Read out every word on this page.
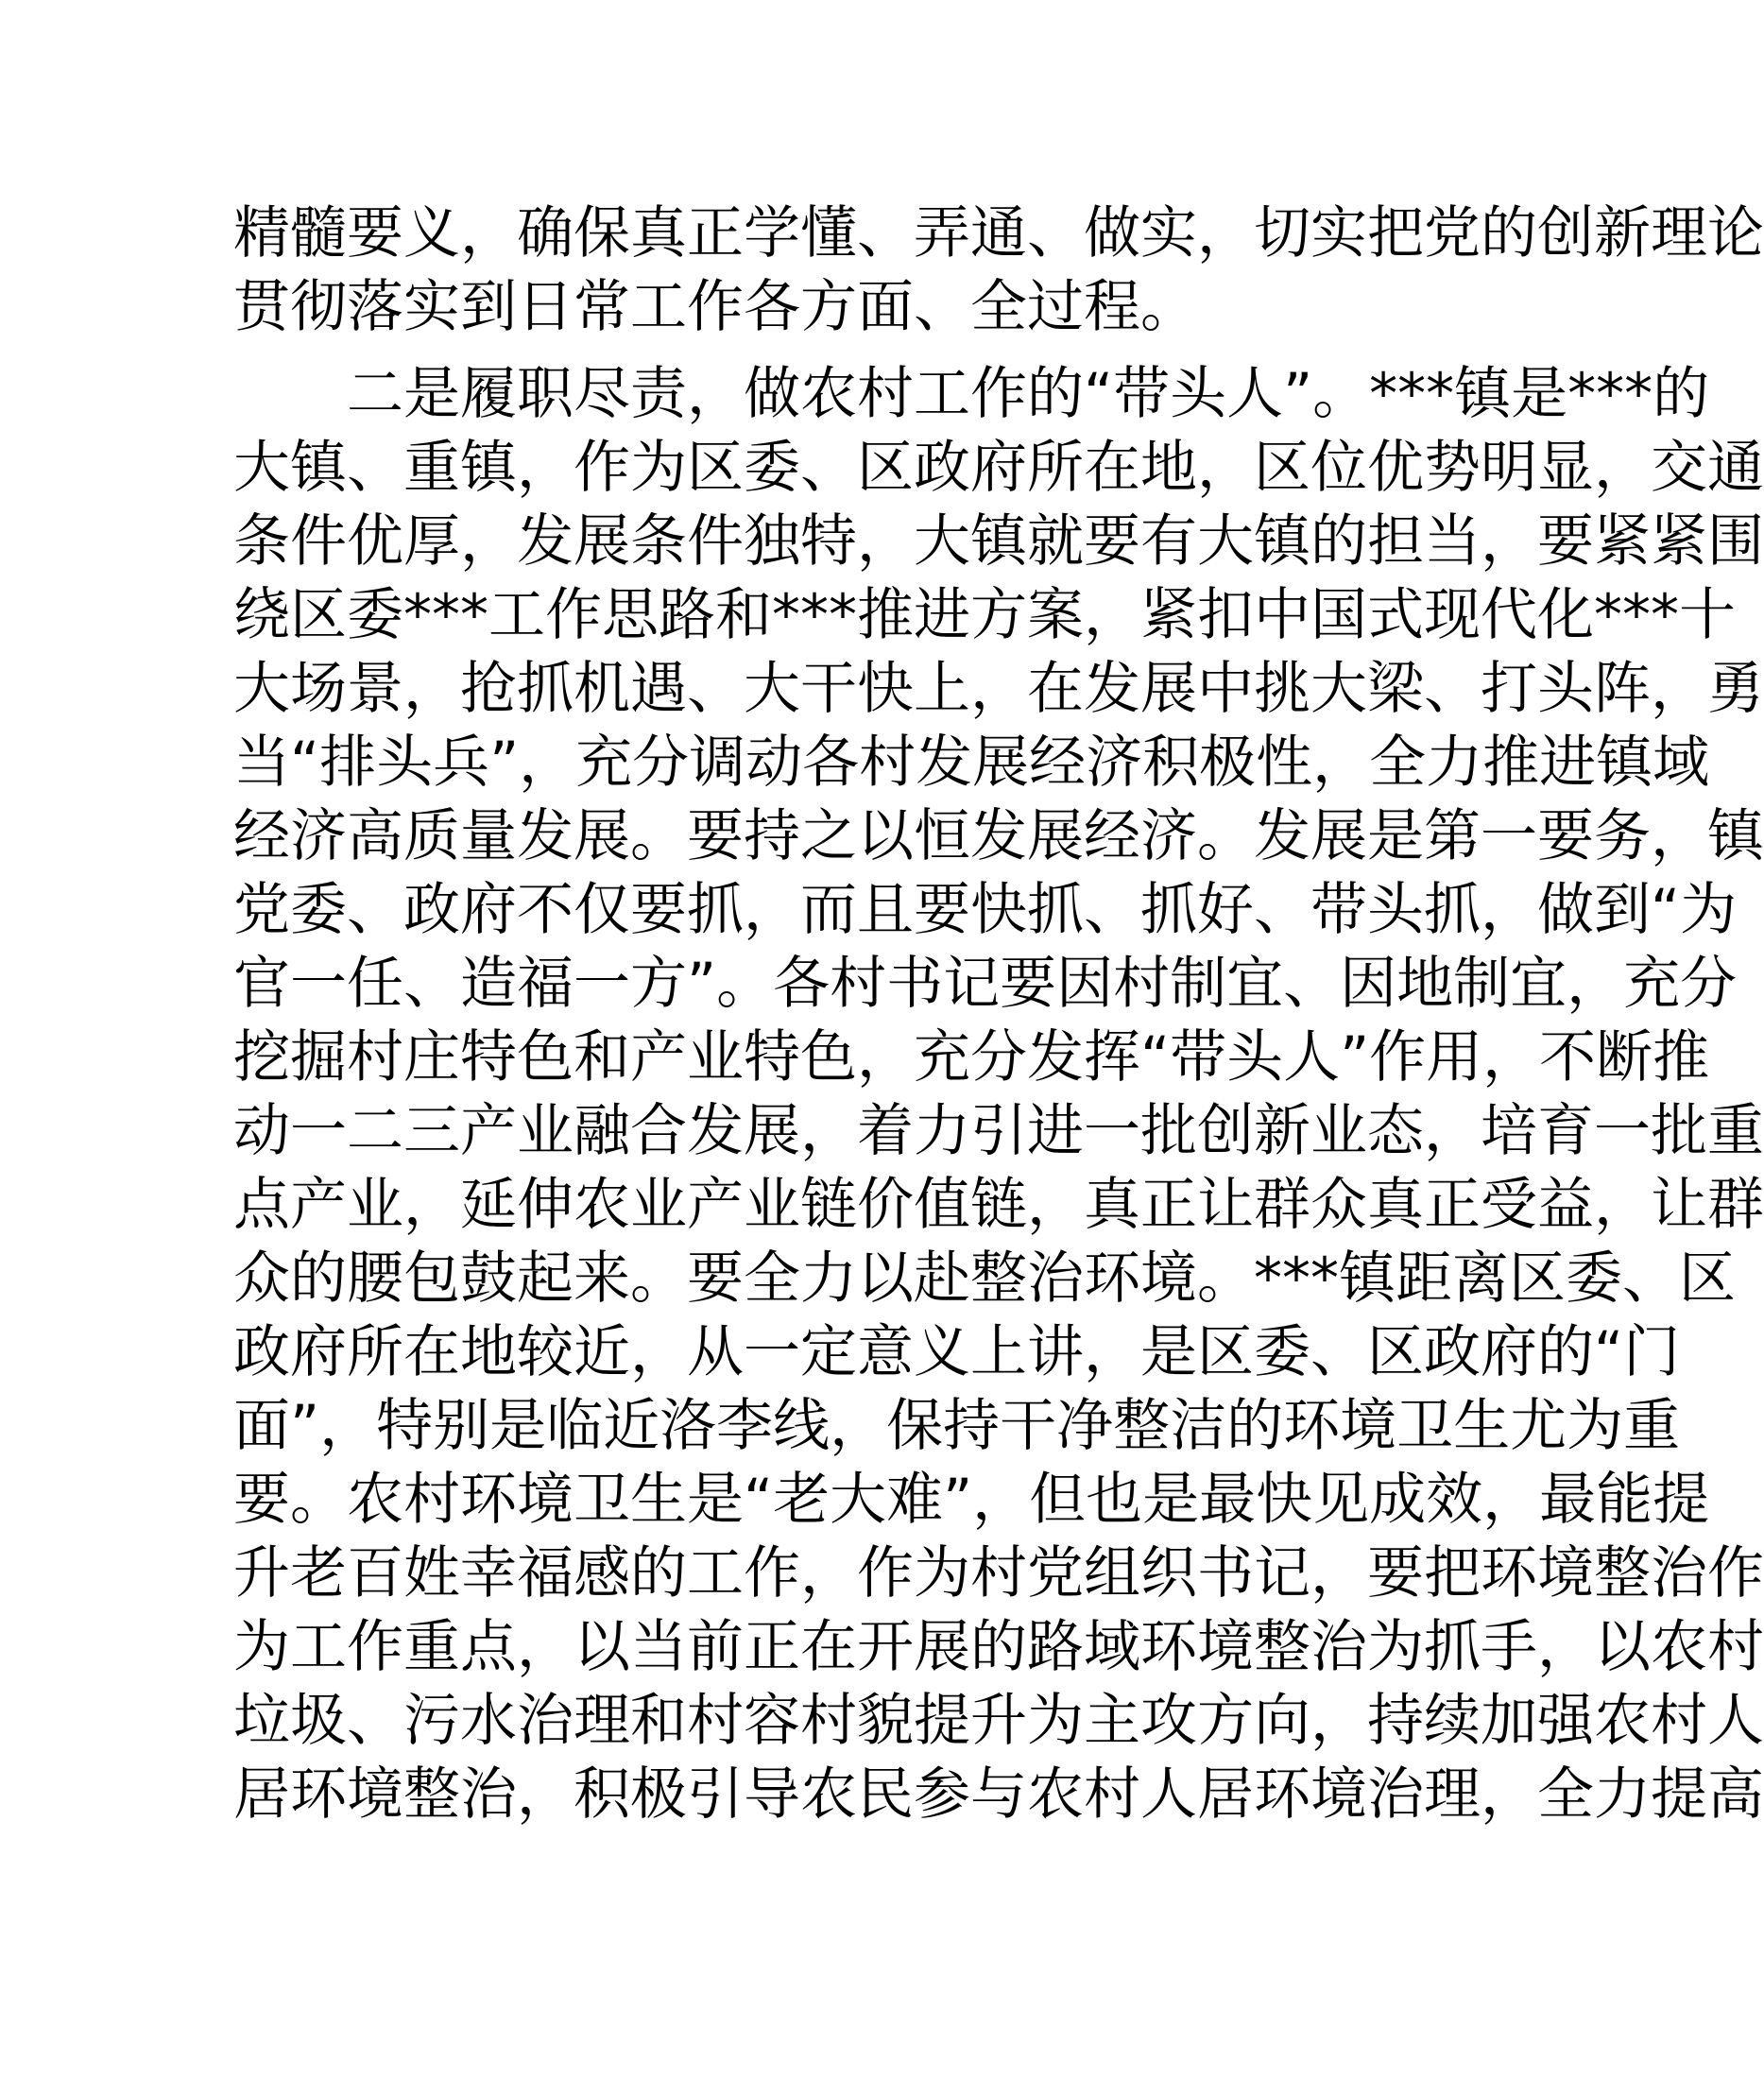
精髓要义，确保真正学懂、弄通、做实，切实把党的创新理论
贯彻落实到日常工作各方面、全过程。
　　二是履职尽责，做农村工作的“带头人”。***镇是***的
大镇、重镇，作为区委、区政府所在地，区位优势明显，交通
条件优厚，发展条件独特，大镇就要有大镇的担当，要紧紧围
绕区委***工作思路和***推进方案，紧扣中国式现代化***十
大场景，抢抓机遇、大干快上，在发展中挑大梁、打头阵，勇
当“排头兵”，充分调动各村发展经济积极性，全力推进镇域
经济高质量发展。要持之以恒发展经济。发展是第一要务，镇
党委、政府不仅要抓，而且要快抓、抓好、带头抓，做到“为
官一任、造福一方”。各村书记要因村制宜、因地制宜，充分
挖掘村庄特色和产业特色，充分发挥“带头人”作用，不断推
动一二三产业融合发展，着力引进一批创新业态，培育一批重
点产业，延伸农业产业链价值链，真正让群众真正受益，让群
众的腰包鼓起来。要全力以赴整治环境。***镇距离区委、区
政府所在地较近，从一定意义上讲，是区委、区政府的“门
面”，特别是临近洛李线，保持干净整洁的环境卫生尤为重
要。农村环境卫生是“老大难”，但也是最快见成效，最能提
升老百姓幸福感的工作，作为村党组织书记，要把环境整治作
为工作重点，以当前正在开展的路域环境整治为抓手，以农村
垃圾、污水治理和村容村貌提升为主攻方向，持续加强农村人
居环境整治，积极引导农民参与农村人居环境治理，全力提高
